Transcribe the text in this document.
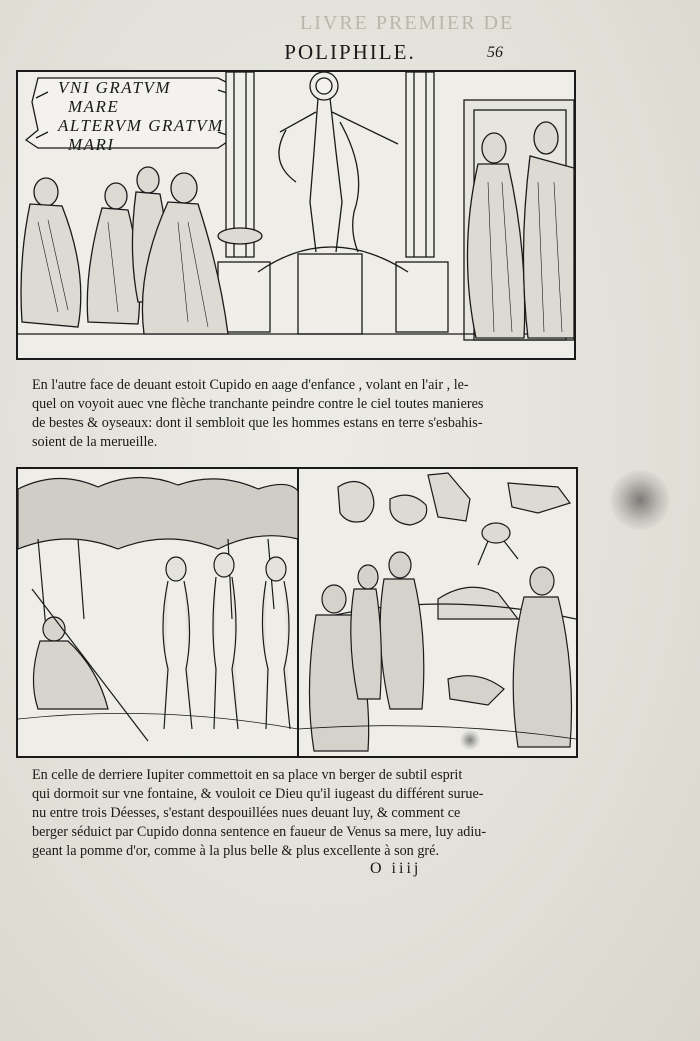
LIVRE PREMIER DE
POLIPHILE.	56
VNI GRATVM
MARE
ALTERVM GRATVM
MARI
En l'autre face de deuant estoit Cupido en aage d'enfance , volant en l'air , le-
quel on voyoit auec vne flèche tranchante peindre contre le ciel toutes manieres
de bestes & oyseaux: dont il sembloit que les hommes estans en terre s'esbahis-
soient de la merueille.
En celle de derriere Iupiter commettoit en sa place vn berger de subtil esprit
qui dormoit sur vne fontaine, & vouloit ce Dieu qu'il iugeast du différent suruе-
nu entre trois Déesses, s'estant despouillées nues deuant luy, & comment ce
berger séduict par Cupido donna sentence en faueur de Venus sa mere, luy adiu-
geant la pomme d'or, comme à la plus belle & plus excellente à son gré.
O iiij
